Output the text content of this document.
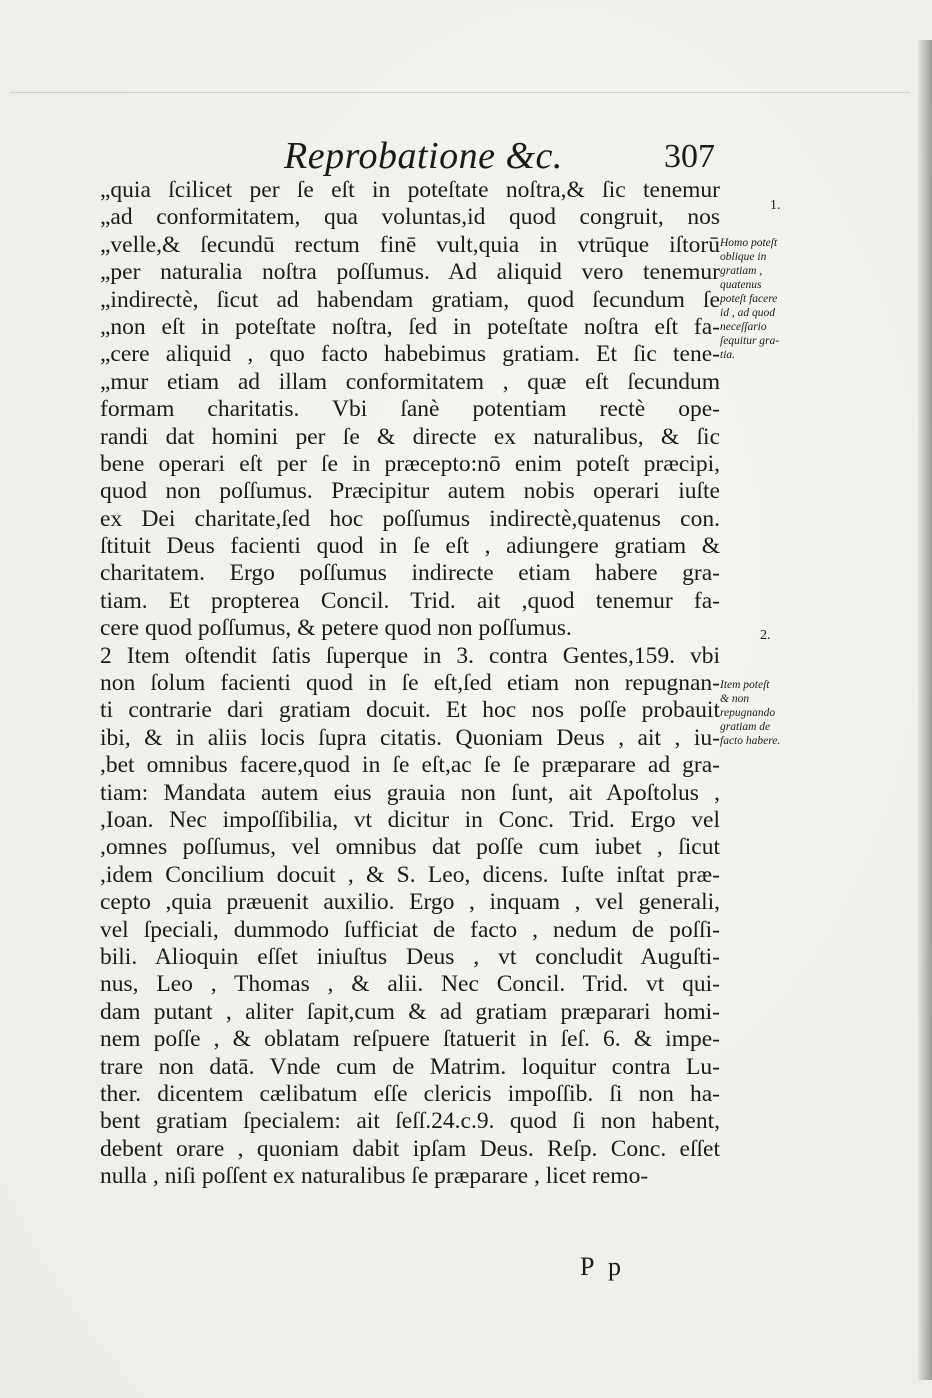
Reprobatione &c.	307
„quia ſcilicet per ſe eſt in poteſtate noſtra,& ſic tenemur
„ad conformitatem, qua voluntas,id quod congruit, nos
„velle,& ſecundū rectum finē vult,quia in vtrūque iſtorū
„per naturalia noſtra poſſumus. Ad aliquid vero tenemur
„indirectè, ſicut ad habendam gratiam, quod ſecundum ſe
„non eſt in poteſtate noſtra, ſed in poteſtate noſtra eſt fa-
„cere aliquid , quo facto habebimus gratiam. Et ſic tene-
„mur etiam ad illam conformitatem , quæ eſt ſecundum
formam charitatis. Vbi ſanè potentiam rectè ope-
randi dat homini per ſe & directe ex naturalibus, & ſic
bene operari eſt per ſe in præcepto:nō enim poteſt præcipi,
quod non poſſumus. Præcipitur autem nobis operari iuſte
ex Dei charitate,ſed hoc poſſumus indirectè,quatenus con.
ſtituit Deus facienti quod in ſe eſt , adiungere gratiam &
charitatem. Ergo poſſumus indirecte etiam habere gra-
tiam. Et propterea Concil. Trid. ait ,quod tenemur fa-
cere quod poſſumus, & petere quod non poſſumus.
2 Item oſtendit ſatis ſuperque in 3. contra Gentes,159. vbi
non ſolum facienti quod in ſe eſt,ſed etiam non repugnan-
ti contrarie dari gratiam docuit. Et hoc nos poſſe probauit
ibi, & in aliis locis ſupra citatis. Quoniam Deus , ait , iu-
,bet omnibus facere,quod in ſe eſt,ac ſe ſe præparare ad gra-
tiam: Mandata autem eius grauia non ſunt, ait Apoſtolus ,
,Ioan. Nec impoſſibilia, vt dicitur in Conc. Trid. Ergo vel
,omnes poſſumus, vel omnibus dat poſſe cum iubet , ſicut
,idem Concilium docuit , & S. Leo, dicens. Iuſte inſtat præ-
cepto ,quia præuenit auxilio. Ergo , inquam , vel generali,
vel ſpeciali, dummodo ſufficiat de facto , nedum de poſſi-
bili. Alioquin eſſet iniuſtus Deus , vt concludit Auguſti-
nus, Leo , Thomas , & alii. Nec Concil. Trid. vt qui-
dam putant , aliter ſapit,cum & ad gratiam præparari homi-
nem poſſe , & oblatam reſpuere ſtatuerit in ſeſ. 6. & impe-
trare non datā. Vnde cum de Matrim. loquitur contra Lu-
ther. dicentem cælibatum eſſe clericis impoſſib. ſi non ha-
bent gratiam ſpecialem: ait ſeſſ.24.c.9. quod ſi non habent,
debent orare , quoniam dabit ipſam Deus. Reſp. Conc. eſſet
nulla , niſi poſſent ex naturalibus ſe præparare , licet remo-
1.
Homo poteſt
oblique in
gratiam ,
quatenus
poteſt facere
id , ad quod
neceſſario
ſequitur gra-
tia.
2.
Item poteſt
& non
repugnando
gratiam de
facto habere.
P p
